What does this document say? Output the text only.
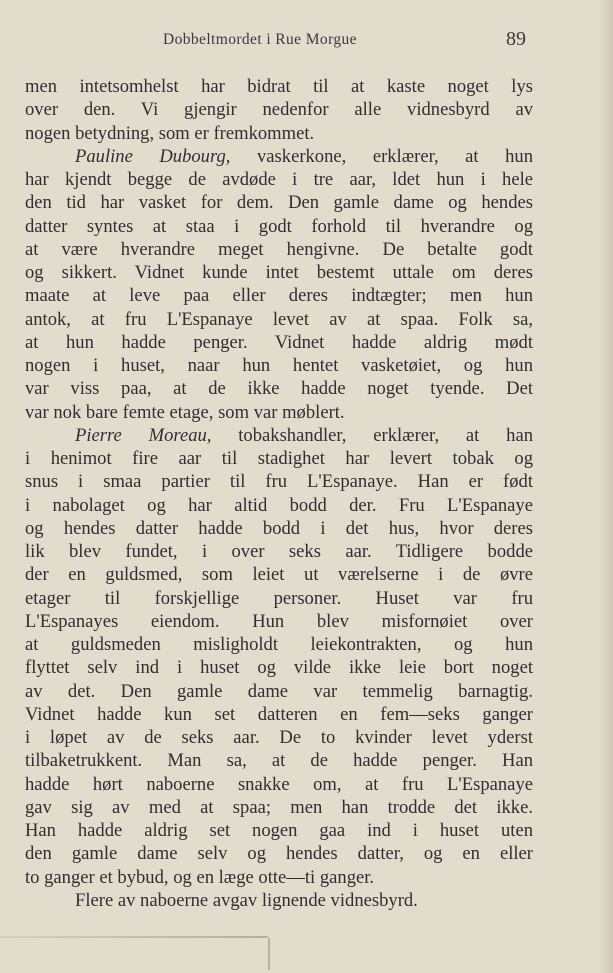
Dobbeltmordet i Rue Morgue	89
men intetsomhelst har bidrat til at kaste noget lys
over den. Vi gjengir nedenfor alle vidnesbyrd av
nogen betydning, som er fremkommet.
Pauline Dubourg, vaskerkone, erklærer, at hun
har kjendt begge de avdøde i tre aar, ldet hun i hele
den tid har vasket for dem. Den gamle dame og hendes
datter syntes at staa i godt forhold til hverandre og
at være hverandre meget hengivne. De betalte godt
og sikkert. Vidnet kunde intet bestemt uttale om deres
maate at leve paa eller deres indtægter; men hun
antok, at fru L'Espanaye levet av at spaa. Folk sa,
at hun hadde penger. Vidnet hadde aldrig mødt
nogen i huset, naar hun hentet vasketøiet, og hun
var viss paa, at de ikke hadde noget tyende. Det
var nok bare femte etage, som var møblert.
Pierre Moreau, tobakshandler, erklærer, at han
i henimot fire aar til stadighet har levert tobak og
snus i smaa partier til fru L'Espanaye. Han er født
i nabolaget og har altid bodd der. Fru L'Espanaye
og hendes datter hadde bodd i det hus, hvor deres
lik blev fundet, i over seks aar. Tidligere bodde
der en guldsmed, som leiet ut værelserne i de øvre
etager til forskjellige personer. Huset var fru
L'Espanayes eiendom. Hun blev misfornøiet over
at guldsmeden misligholdt leiekontrakten, og hun
flyttet selv ind i huset og vilde ikke leie bort noget
av det. Den gamle dame var temmelig barnagtig.
Vidnet hadde kun set datteren en fem—seks ganger
i løpet av de seks aar. De to kvinder levet yderst
tilbaketrukkent. Man sa, at de hadde penger. Han
hadde hørt naboerne snakke om, at fru L'Espanaye
gav sig av med at spaa; men han trodde det ikke.
Han hadde aldrig set nogen gaa ind i huset uten
den gamle dame selv og hendes datter, og en eller
to ganger et bybud, og en læge otte—ti ganger.
Flere av naboerne avgav lignende vidnesbyrd.
